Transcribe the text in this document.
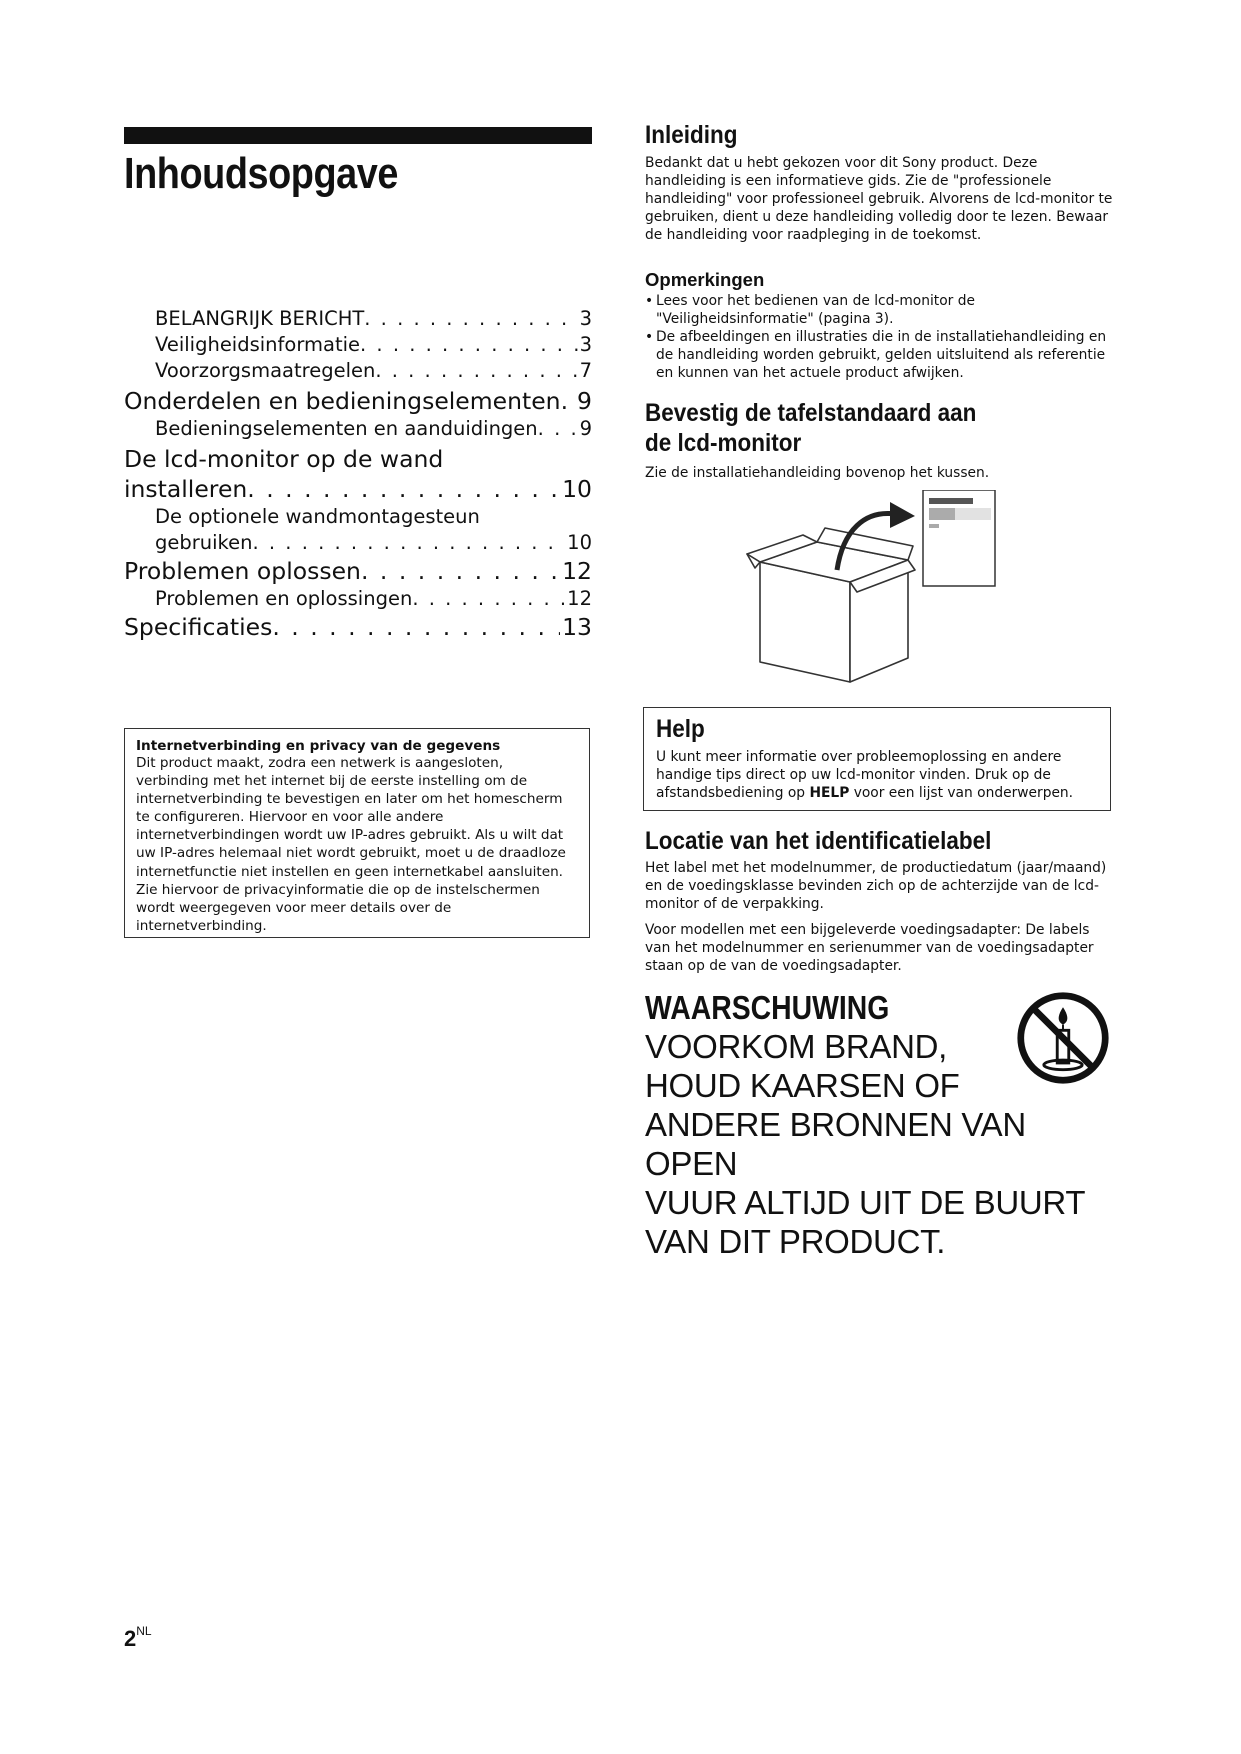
Inhoudsopgave
BELANGRIJK BERICHT . . .	3
Veiligheidsinformatie . . .	3
Voorzorgsmaatregelen . . .	7
Onderdelen en bedieningselementen . . . 9
Bedieningselementen en aanduidingen . . . 9
De lcd-monitor op de wand
installeren . . .	10
De optionele wandmontagesteun
gebruiken . . .	10
Problemen oplossen . . .	12
Problemen en oplossingen . . .	12
Specificaties . . .	13
Internetverbinding en privacy van de gegevens

Dit product maakt, zodra een netwerk is aangesloten, verbinding met het internet bij de eerste instelling om de internetverbinding te bevestigen en later om het homescherm te configureren. Hiervoor en voor alle andere internetverbindingen wordt uw IP-adres gebruikt. Als u wilt dat uw IP-adres helemaal niet wordt gebruikt, moet u de draadloze internetfunctie niet instellen en geen internetkabel aansluiten. Zie hiervoor de privacyinformatie die op de instelschermen wordt weergegeven voor meer details over de internetverbinding.

$2^{NL}$
Inleiding

Bedankt dat u hebt gekozen voor dit Sony product. Deze handleiding is een informatieve gids. Zie de "professionele handleiding" voor professioneel gebruik. Alvorens de lcd-monitor te gebruiken, dient u deze handleiding volledig door te lezen. Bewaar de handleiding voor raadpleging in de toekomst.

Opmerkingen
• Lees voor het bedienen van de lcd-monitor de "Veiligheidsinformatie" (pagina 3).
• De afbeeldingen en illustraties die in de installatiehandleiding en de handleiding worden gebruikt, gelden uitsluitend als referentie en kunnen van het actuele product afwijken.
Bevestig de tafelstandaard aan de lcd-monitor

Zie de installatiehandleiding bovenop het kussen.

Help

U kunt meer informatie over probleemoplossing en andere handige tips direct op uw lcd-monitor vinden. Druk op de afstandsbediening op HELP voor een lijst van onderwerpen.

Locatie van het identificatielabel

Het label met het modelnummer, de productiedatum (jaar/maand) en de voedingsklasse bevinden zich op de achterzijde van de lcd-monitor of de verpakking.

Voor modellen met een bijgeleverde voedingsadapter: De labels van het modelnummer en serienummer van de voedingsadapter staan op de van de voedingsadapter.

WAARSCHUWING

VOORKOM BRAND,
HOUD KAARSEN OF
ANDERE BRONNEN VAN OPEN
VUUR ALTIJD UIT DE BUURT
VAN DIT PRODUCT.
